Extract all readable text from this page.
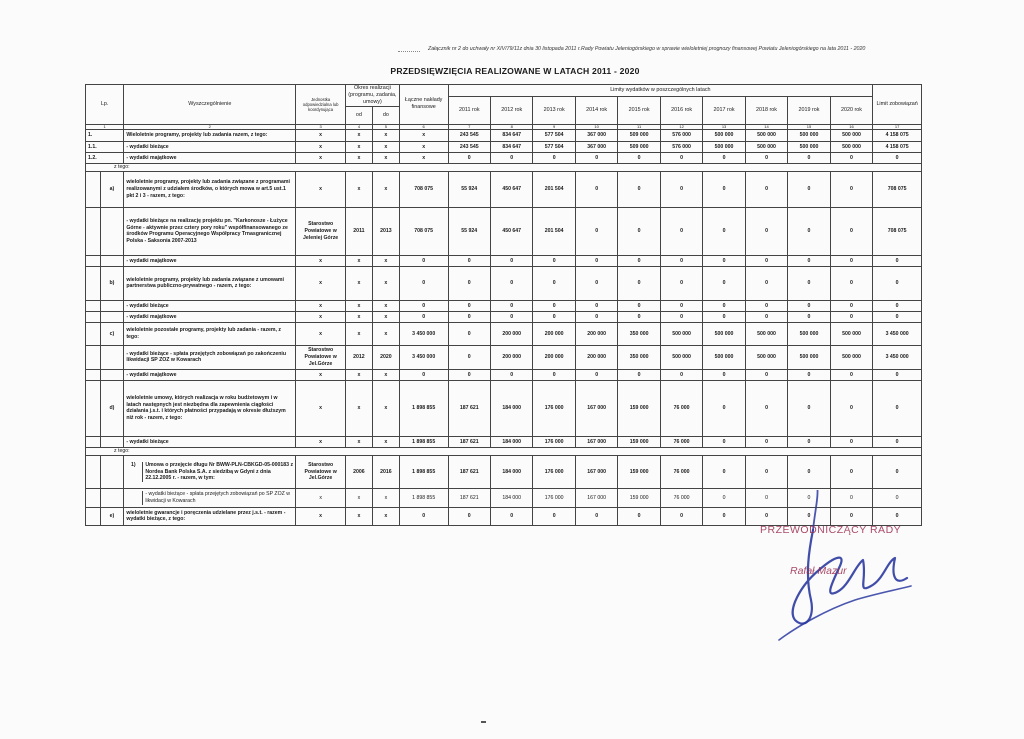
Załącznik nr 2 do uchwały nr XIV/79/11z dnia 30 listopada 2011 r.Rady Powiatu Jeleniogórskiego w sprawie wieloletniej prognozy finansowej Powiatu Jeleniogórskiego na lata 2011 - 2020
PRZEDSIĘWZIĘCIA REALIZOWANE W LATACH 2011 - 2020
Lp.		Wyszczególnienie	Jednostka odpowiedzialna lub koordynująca	Okres realizacji (programu, zadania, umowy)		Łączne nakłady finansowe	Limity wydatków w poszczególnych latach										Limit zobowiązań
							2011 rok	2012 rok	2013 rok	2014 rok	2015 rok	2016 rok	2017 rok	2018 rok	2019 rok	2020 rok	
				od	do												
1		2	3	4	5	6	7	8	9	10	11	12	13	14	15	16	17
1.		Wieloletnie programy, projekty lub zadania razem, z tego:	x	x	x	x	243 545	834 647	577 504	367 000	509 000	576 000	500 000	500 000	500 000	500 000	4 158 075
1.1.		- wydatki bieżące	x	x	x	x	243 545	834 647	577 504	367 000	509 000	576 000	500 000	500 000	500 000	500 000	4 158 075
1.2.		- wydatki majątkowe	x	x	x	x	0	0	0	0	0	0	0	0	0	0	0
z tego:																	
	a)	wieloletnie programy, projekty lub zadania związane z programami realizowanymi z udziałem środków, o których mowa w art.5 ust.1 pkt 2 i 3 - razem, z tego:	x	x	x	708 075	55 924	450 647	201 504	0	0	0	0	0	0	0	708 075
		- wydatki bieżące na realizację projektu pn. "Karkonosze - Łużyce Górne - aktywnie przez cztery pory roku" współfinansowanego ze środków Programu Operacyjnego Współpracy Trnasgranicznej Polska - Saksonia 2007-2013	Starostwo Powiatowe w Jeleniej Górze	2011	2013	708 075	55 924	450 647	201 504	0	0	0	0	0	0	0	708 075
		- wydatki majątkowe	x	x	x	0	0	0	0	0	0	0	0	0	0	0	0
	b)	wieloletnie programy, projekty lub zadania związane z umowami partnerstwa publiczno-prywatnego - razem, z tego:	x	x	x	0	0	0	0	0	0	0	0	0	0	0	0
		- wydatki bieżące	x	x	x	0	0	0	0	0	0	0	0	0	0	0	0
		- wydatki majątkowe	x	x	x	0	0	0	0	0	0	0	0	0	0	0	0
	c)	wieloletnie pozostałe programy, projekty lub zadania - razem, z tego:	x	x	x	3 450 000	0	200 000	200 000	200 000	350 000	500 000	500 000	500 000	500 000	500 000	3 450 000
		- wydatki bieżące - spłata przejętych zobowiązań po zakończeniu likwidacji SP ZOZ w Kowarach	Starostwo Powiatowe w Jel.Górze	2012	2020	3 450 000	0	200 000	200 000	200 000	350 000	500 000	500 000	500 000	500 000	500 000	3 450 000
		- wydatki majątkowe	x	x	x	0	0	0	0	0	0	0	0	0	0	0	0
	d)	wieloletnie umowy, których realizacja w roku budżetowym i w latach następnych jest niezbędna dla zapewnienia ciągłości działania j.s.t. i których płatności przypadają w okresie dłuższym niż rok - razem, z tego:	x	x	x	1 898 855	187 621	184 000	176 000	167 000	159 000	76 000	0	0	0	0	0
		- wydatki bieżące	x	x	x	1 898 855	187 621	184 000	176 000	167 000	159 000	76 000	0	0	0	0	0
z tego:																	

		1) Umowa o przejęcie długu Nr BWW-PLN-CBKGD-05-000183 z Nordea Bank Polska S.A. z siedzibą w Gdyni z dnia 22.12.2005 r. - razem, w tym:	Starostwo Powiatowe w Jel.Górze	2006	2016	1 898 855	187 621	184 000	176 000	167 000	159 000	76 000	0	0	0	0	0

		- wydatki bieżące - spłata przejętych zobowiązań po SP ZOZ w likwidacji w Kowarach	x	x	x	1 898 855	187 621	184 000	176 000	167 000	159 000	76 000	0	0	0	0	0
	e)	wieloletnie gwarancje i poręczenia udzielane przez j.s.t. - razem - wydatki bieżące, z tego:	x	x	x	0	0	0	0	0	0	0	0	0	0	0	0
PRZEWODNICZĄCY RADY
Rafał Mazur
